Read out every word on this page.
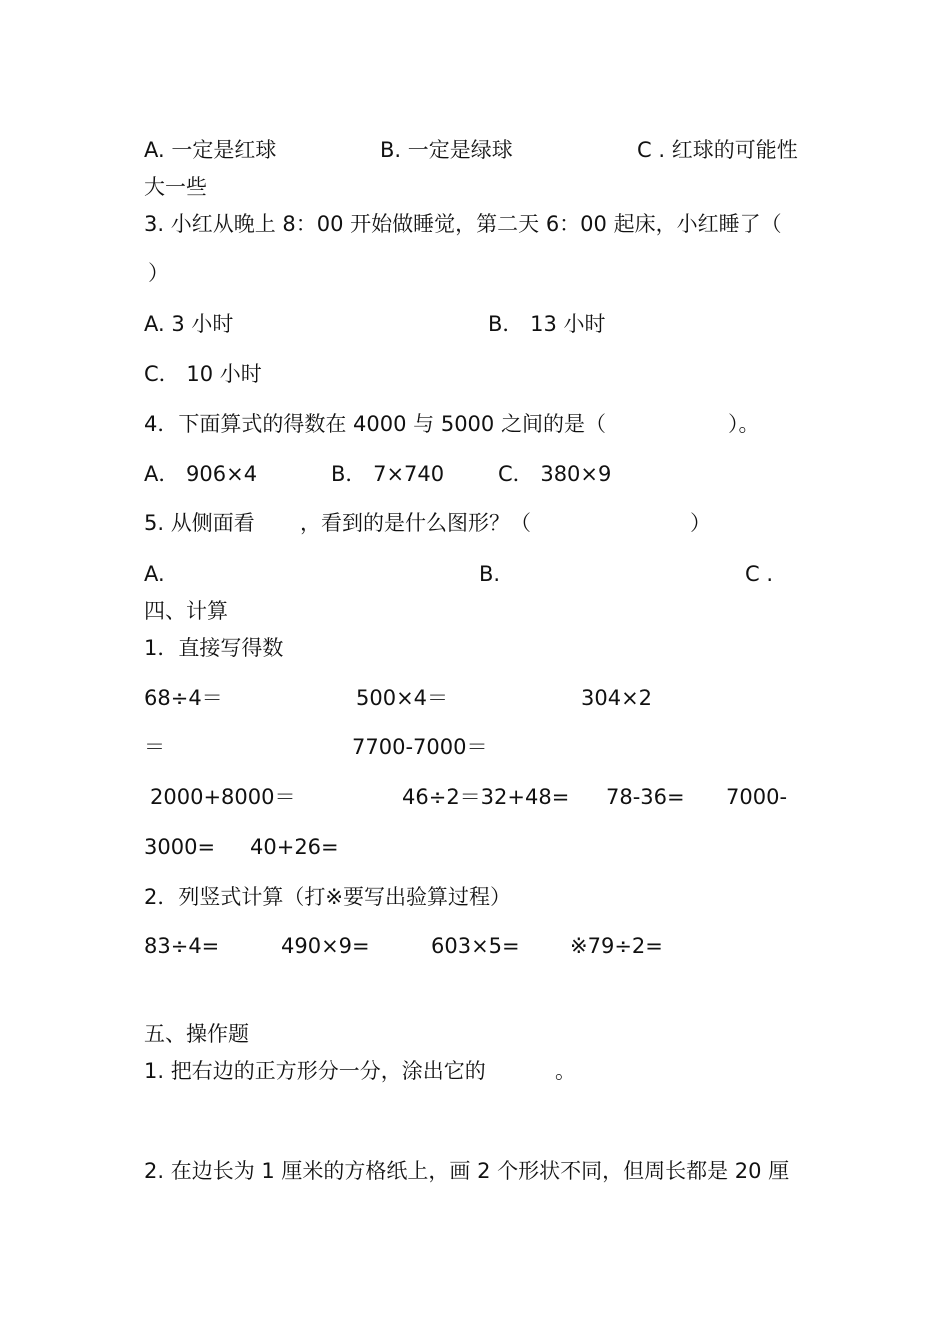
A. 一定是红球	B. 一定是绿球	C . 红球的可能性
大一些
3. 小红从晚上 8：00 开始做睡觉，第二天 6：00 起床，小红睡了（
）
A. 3 小时	B． 13 小时
C． 10 小时
4．下面算式的得数在 4000 与 5000 之间的是（	）。
A． 906×4	B． 7×740	C． 380×9
5. 从侧面看 ，看到的是什么图形？（	）
A.	B.	C .
四、计算
1．直接写得数
68÷4＝	500×4＝	304×2
＝	7700-7000＝
2000+8000＝	46÷2＝32+48= 78-36= 7000-
3000= 40+26=
2．列竖式计算（打※要写出验算过程）
83÷4=	490×9=	603×5= ※79÷2=
五、操作题
1. 把右边的正方形分一分，涂出它的	。
2. 在边长为 1 厘米的方格纸上，画 2 个形状不同，但周长都是 20 厘
